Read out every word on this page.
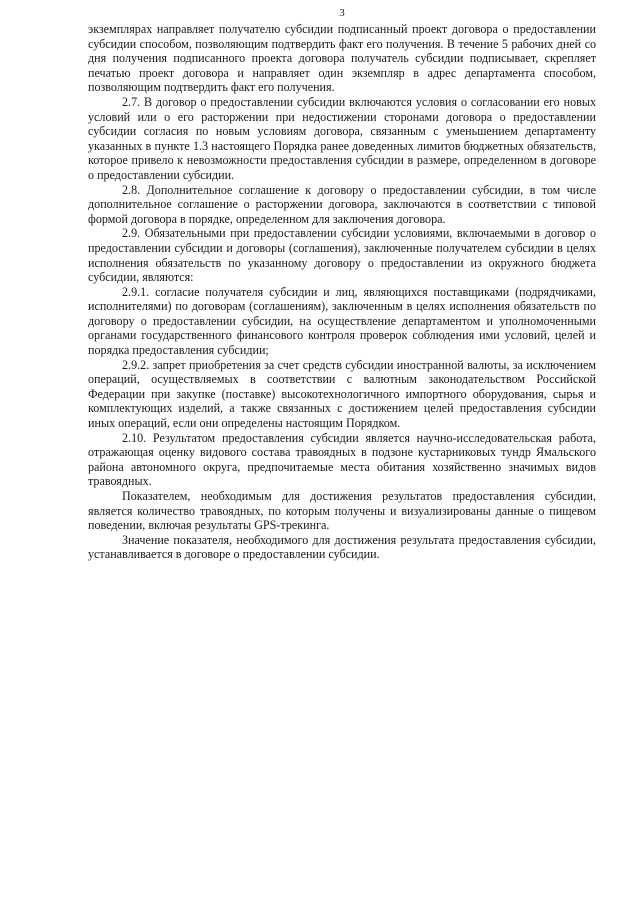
3

экземплярах направляет получателю субсидии подписанный проект договора о предоставлении субсидии способом, позволяющим подтвердить факт его получения. В течение 5 рабочих дней со дня получения подписанного проекта договора получатель субсидии подписывает, скрепляет печатью проект договора и направляет один экземпляр в адрес департамента способом, позволяющим подтвердить факт его получения.

2.7. В договор о предоставлении субсидии включаются условия о согласовании его новых условий или о его расторжении при недостижении сторонами договора о предоставлении субсидии согласия по новым условиям договора, связанным с уменьшением департаменту указанных в пункте 1.3 настоящего Порядка ранее доведенных лимитов бюджетных обязательств, которое привело к невозможности предоставления субсидии в размере, определенном в договоре о предоставлении субсидии.

2.8. Дополнительное соглашение к договору о предоставлении субсидии, в том числе дополнительное соглашение о расторжении договора, заключаются в соответствии с типовой формой договора в порядке, определенном для заключения договора.

2.9. Обязательными при предоставлении субсидии условиями, включаемыми в договор о предоставлении субсидии и договоры (соглашения), заключенные получателем субсидии в целях исполнения обязательств по указанному договору о предоставлении из окружного бюджета субсидии, являются:

2.9.1. согласие получателя субсидии и лиц, являющихся поставщиками (подрядчиками, исполнителями) по договорам (соглашениям), заключенным в целях исполнения обязательств по договору о предоставлении субсидии, на осуществление департаментом и уполномоченными органами государственного финансового контроля проверок соблюдения ими условий, целей и порядка предоставления субсидии;

2.9.2. запрет приобретения за счет средств субсидии иностранной валюты, за исключением операций, осуществляемых в соответствии с валютным законодательством Российской Федерации при закупке (поставке) высокотехнологичного импортного оборудования, сырья и комплектующих изделий, а также связанных с достижением целей предоставления субсидии иных операций, если они определены настоящим Порядком.

2.10. Результатом предоставления субсидии является научно-исследовательская работа, отражающая оценку видового состава травоядных в подзоне кустарниковых тундр Ямальского района автономного округа, предпочитаемые места обитания хозяйственно значимых видов травоядных.

Показателем, необходимым для достижения результатов предоставления субсидии, является количество травоядных, по которым получены и визуализированы данные о пищевом поведении, включая результаты GPS-трекинга.

Значение показателя, необходимого для достижения результата предоставления субсидии, устанавливается в договоре о предоставлении субсидии.
